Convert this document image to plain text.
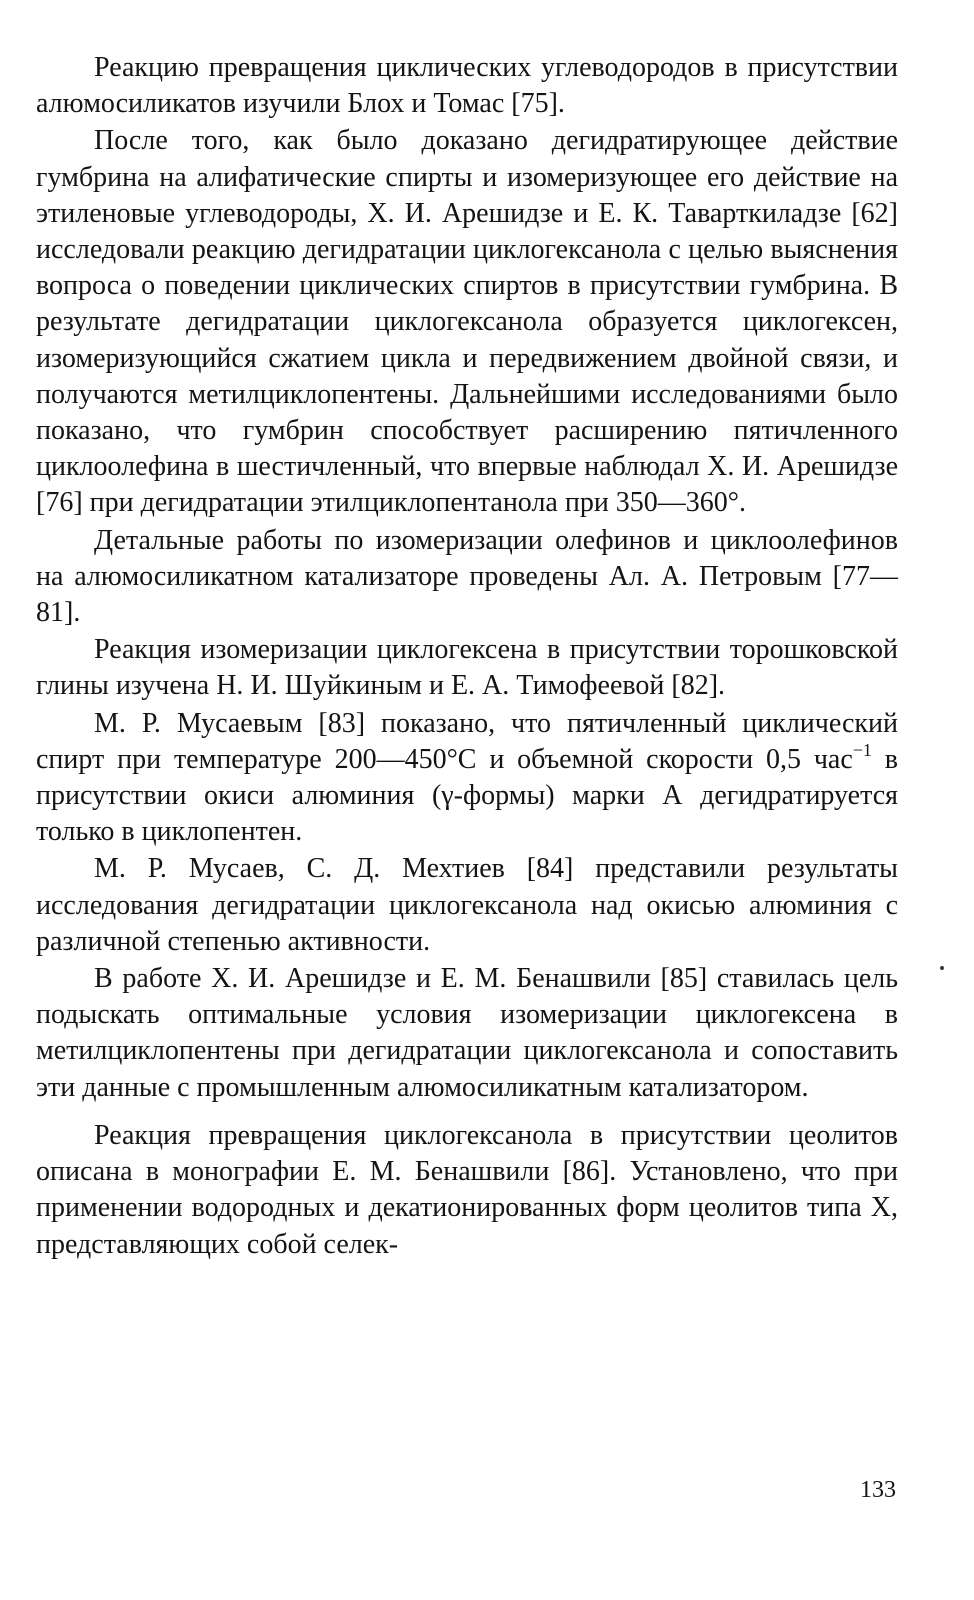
Реакцию превращения циклических углеводородов в присутствии алюмосиликатов изучили Блох и Томас [75].

После того, как было доказано дегидратирующее действие гумбрина на алифатические спирты и изомеризующее его действие на этиленовые углеводороды, Х. И. Арешидзе и Е. К. Таварткиладзе [62] исследовали реакцию дегидратации циклогексанола с целью выяснения вопроса о поведении циклических спиртов в присутствии гумбрина. В результате дегидратации циклогексанола образуется циклогексен, изомеризующийся сжатием цикла и передвижением двойной связи, и получаются метилциклопентены. Дальнейшими исследованиями было показано, что гумбрин способствует расширению пятичленного циклоолефина в шестичленный, что впервые наблюдал Х. И. Арешидзе [76] при дегидратации этилциклопентанола при 350—360°.

Детальные работы по изомеризации олефинов и циклоолефинов на алюмосиликатном катализаторе проведены Ал. А. Петровым [77—81].

Реакция изомеризации циклогексена в присутствии торошковской глины изучена Н. И. Шуйкиным и Е. А. Тимофеевой [82].

М. Р. Мусаевым [83] показано, что пятичленный циклический спирт при температуре 200—450°С и объемной скорости 0,5 час$^{-1}$ в присутствии окиси алюминия (γ-формы) марки А дегидратируется только в циклопентен.

М. Р. Мусаев, С. Д. Мехтиев [84] представили результаты исследования дегидратации циклогексанола над окисью алюминия с различной степенью активности.

В работе Х. И. Арешидзе и Е. М. Бенашвили [85] ставилась цель подыскать оптимальные условия изомеризации циклогексена в метилциклопентены при дегидратации циклогексанола и сопоставить эти данные с промышленным алюмосиликатным катализатором.

Реакция превращения циклогексанола в присутствии цеолитов описана в монографии Е. М. Бенашвили [86]. Установлено, что при применении водородных и декатионированных форм цеолитов типа Х, представляющих собой селек-

133
